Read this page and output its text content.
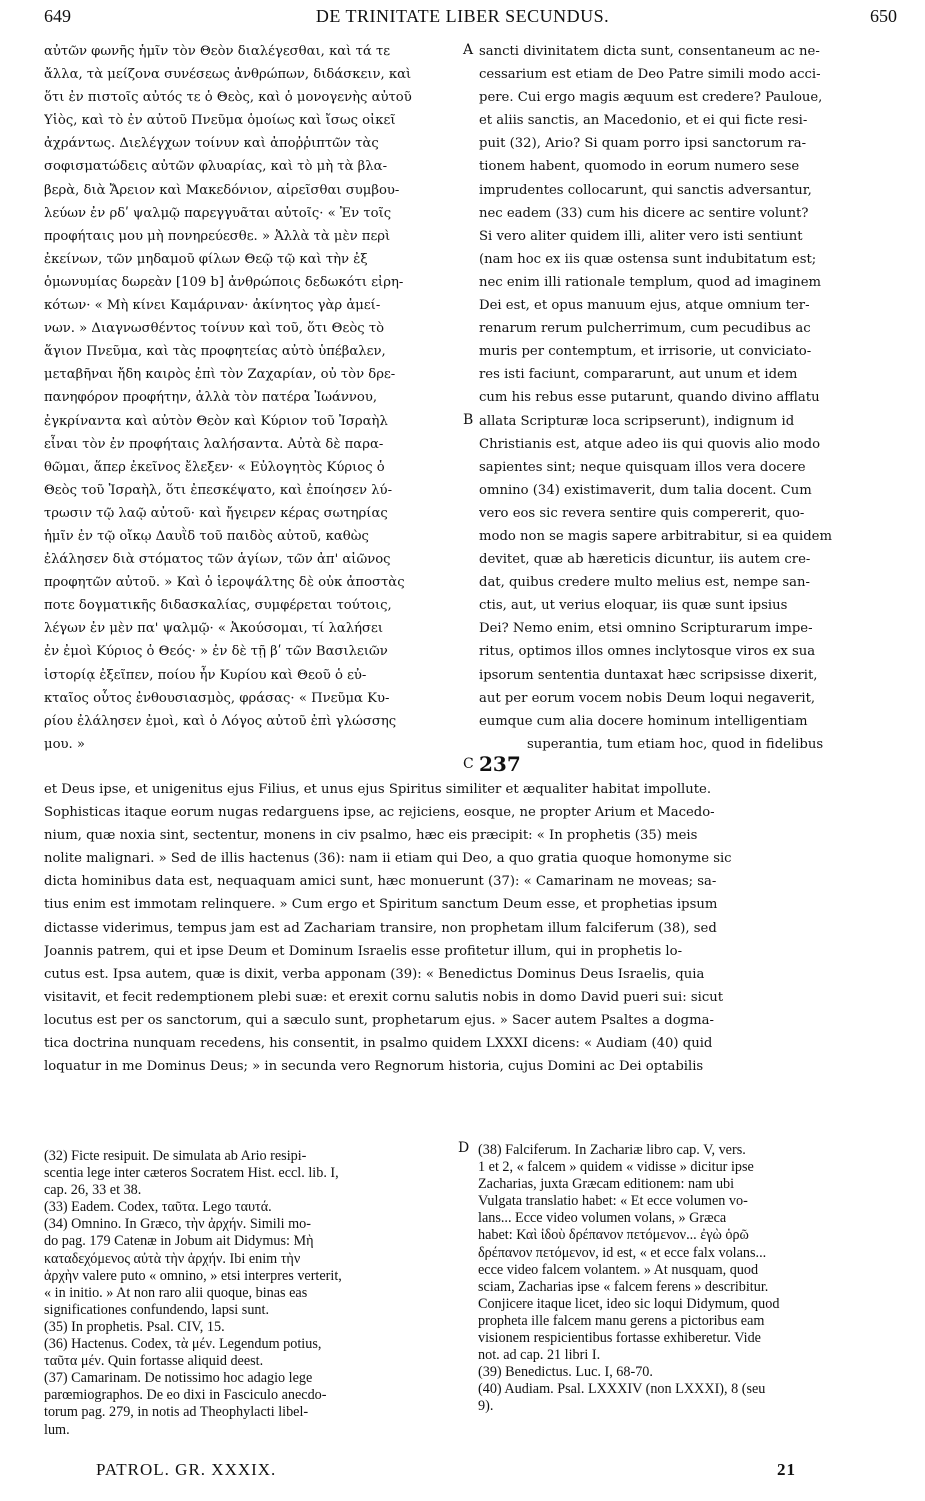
649	DE TRINITATE LIBER SECUNDUS.	650

αὐτῶν φωνῆς ἡμῖν τὸν Θεὸν διαλέγεσθαι, καὶ τά τε

ἄλλα, τὰ μείζονα συνέσεως ἀνθρώπων, διδάσκειν, καὶ

ὅτι ἐν πιστοῖς αὐτός τε ὁ Θεὸς, καὶ ὁ μονογενὴς αὐτοῦ

Υἱὸς, καὶ τὸ ἐν αὐτοῦ Πνεῦμα ὁμοίως καὶ ἴσως οἰκεῖ

ἀχράντως. Διελέγχων τοίνυν καὶ ἀποῤῥιπτῶν τὰς

σοφισματώδεις αὐτῶν φλυαρίας, καὶ τὸ μὴ τὰ βλα-

βερὰ, διὰ Ἄρειον καὶ Μακεδόνιον, αἱρεῖσθαι συμβου-

λεύων ἐν ρδʹ ψαλμῷ παρεγγυᾶται αὐτοῖς· « Ἐν τοῖς

προφήταις μου μὴ πονηρεύεσθε. » Ἀλλὰ τὰ μὲν περὶ

ἐκείνων, τῶν μηδαμοῦ φίλων Θεῷ τῷ καὶ τὴν ἐξ

ὁμωνυμίας δωρεὰν [109 b] ἀνθρώποις δεδωκότι εἰρη-

κότων· « Μὴ κίνει Καμάριναν· ἀκίνητος γὰρ ἀμεί-

νων. » Διαγνωσθέντος τοίνυν καὶ τοῦ, ὅτι Θεὸς τὸ

ἅγιον Πνεῦμα, καὶ τὰς προφητείας αὐτὸ ὑπέβαλεν,

μεταβῆναι ἤδη καιρὸς ἐπὶ τὸν Ζαχαρίαν, οὐ τὸν δρε-

πανηφόρον προφήτην, ἀλλὰ τὸν πατέρα Ἰωάννου,

ἐγκρίναντα καὶ αὐτὸν Θεὸν καὶ Κύριον τοῦ Ἰσραὴλ

εἶναι τὸν ἐν προφήταις λαλήσαντα. Αὐτὰ δὲ παρα-

θῶμαι, ἅπερ ἐκεῖνος ἔλεξεν· « Εὐλογητὸς Κύριος ὁ

Θεὸς τοῦ Ἰσραὴλ, ὅτι ἐπεσκέψατο, καὶ ἐποίησεν λύ-

τρωσιν τῷ λαῷ αὐτοῦ· καὶ ἤγειρεν κέρας σωτηρίας

ἡμῖν ἐν τῷ οἴκῳ Δαυῒδ τοῦ παιδὸς αὐτοῦ, καθὼς

ἐλάλησεν διὰ στόματος τῶν ἁγίων, τῶν ἀπ' αἰῶνος

προφητῶν αὐτοῦ. » Καὶ ὁ ἱεροψάλτης δὲ οὐκ ἀποστὰς

ποτε δογματικῆς διδασκαλίας, συμφέρεται τούτοις,

λέγων ἐν μὲν πα' ψαλμῷ· « Ἀκούσομαι, τί λαλήσει

ἐν ἐμοὶ Κύριος ὁ Θεός· » ἐν δὲ τῇ βʹ τῶν Βασιλειῶν

ἱστορίᾳ ἐξεῖπεν, ποίου ἦν Κυρίου καὶ Θεοῦ ὁ εὐ-

κταῖος οὗτος ἐνθουσιασμὸς, φράσας· « Πνεῦμα Κυ-

ρίου ἐλάλησεν ἐμοὶ, καὶ ὁ Λόγος αὐτοῦ ἐπὶ γλώσσης

μου. »

sancti divinitatem dicta sunt, consentaneum ac ne-

cessarium est etiam de Deo Patre simili modo acci-

pere. Cui ergo magis æquum est credere? Pauloue,

et aliis sanctis, an Macedonio, et ei qui ficte resi-

puit (32), Ario? Si quam porro ipsi sanctorum ra-

tionem habent, quomodo in eorum numero sese

imprudentes collocarunt, qui sanctis adversantur,

nec eadem (33) cum his dicere ac sentire volunt?

Si vero aliter quidem illi, aliter vero isti sentiunt

(nam hoc ex iis quæ ostensa sunt indubitatum est;

nec enim illi rationale templum, quod ad imaginem

Dei est, et opus manuum ejus, atque omnium ter-

renarum rerum pulcherrimum, cum pecudibus ac

muris per contemptum, et irrisorie, ut conviciato-

res isti faciunt, compararunt, aut unum et idem

cum his rebus esse putarunt, quando divino afflatu

allata Scripturæ loca scripserunt), indignum id

Christianis est, atque adeo iis qui quovis alio modo

sapientes sint; neque quisquam illos vera docere

omnino (34) existimaverit, dum talia docent. Cum

vero eos sic revera sentire quis compererit, quo-

modo non se magis sapere arbitrabitur, si ea quidem

devitet, quæ ab hæreticis dicuntur, iis autem cre-

dat, quibus credere multo melius est, nempe san-

ctis, aut, ut verius eloquar, iis quæ sunt ipsius

Dei? Nemo enim, etsi omnino Scripturarum impe-

ritus, optimos illos omnes inclytosque viros ex sua

ipsorum sententia duntaxat hæc scripsisse dixerit,

aut per eorum vocem nobis Deum loqui negaverit,

eumque cum alia docere hominum intelligentiam

superantia, tum etiam hoc, quod in fidelibus

A
B
C
D
237

et Deus ipse, et unigenitus ejus Filius, et unus ejus Spiritus similiter et æqualiter habitat impollute.

Sophisticas itaque eorum nugas redarguens ipse, ac rejiciens, eosque, ne propter Arium et Macedo-

nium, quæ noxia sint, sectentur, monens in civ psalmo, hæc eis præcipit: « In prophetis (35) meis

nolite malignari. » Sed de illis hactenus (36): nam ii etiam qui Deo, a quo gratia quoque homonyme sic

dicta hominibus data est, nequaquam amici sunt, hæc monuerunt (37): « Camarinam ne moveas; sa-

tius enim est immotam relinquere. » Cum ergo et Spiritum sanctum Deum esse, et prophetias ipsum

dictasse viderimus, tempus jam est ad Zachariam transire, non prophetam illum falciferum (38), sed

Joannis patrem, qui et ipse Deum et Dominum Israelis esse profitetur illum, qui in prophetis lo-

cutus est. Ipsa autem, quæ is dixit, verba apponam (39): « Benedictus Dominus Deus Israelis, quia

visitavit, et fecit redemptionem plebi suæ: et erexit cornu salutis nobis in domo David pueri sui: sicut

locutus est per os sanctorum, qui a sæculo sunt, prophetarum ejus. » Sacer autem Psaltes a dogma-

tica doctrina nunquam recedens, his consentit, in psalmo quidem LXXXI dicens: « Audiam (40) quid

loquatur in me Dominus Deus; » in secunda vero Regnorum historia, cujus Domini ac Dei optabilis

(32) Ficte resipuit. De simulata ab Ario resipi-

scentia lege inter cæteros Socratem Hist. eccl. lib. I,

cap. 26, 33 et 38.

(33) Eadem. Codex, ταῦτα. Lego ταυτά.

(34) Omnino. In Græco, τὴν ἀρχήν. Simili mo-

do pag. 179 Catenæ in Jobum ait Didymus: Μὴ

καταδεχόμενος αὐτὰ τὴν ἀρχήν. Ibi enim τὴν

ἀρχὴν valere puto « omnino, » etsi interpres verterit,

« in initio. » At non raro alii quoque, binas eas

significationes confundendo, lapsi sunt.

(35) In prophetis. Psal. CIV, 15.

(36) Hactenus. Codex, τὰ μέν. Legendum potius,

ταῦτα μέν. Quin fortasse aliquid deest.

(37) Camarinam. De notissimo hoc adagio lege

parœmiographos. De eo dixi in Fasciculo anecdo-

torum pag. 279, in notis ad Theophylacti libel-

lum.

(38) Falciferum. In Zachariæ libro cap. V, vers.

1 et 2, « falcem » quidem « vidisse » dicitur ipse

Zacharias, juxta Græcam editionem: nam ubi

Vulgata translatio habet: « Et ecce volumen vo-

lans... Ecce video volumen volans, » Græca

habet: Καὶ ἰδοὺ δρέπανον πετόμενον... ἐγὼ ὁρῶ

δρέπανον πετόμενον, id est, « et ecce falx volans...

ecce video falcem volantem. » At nusquam, quod

sciam, Zacharias ipse « falcem ferens » describitur.

Conjicere itaque licet, ideo sic loqui Didymum, quod

propheta ille falcem manu gerens a pictoribus eam

visionem respicientibus fortasse exhiberetur. Vide

not. ad cap. 21 libri I.

(39) Benedictus. Luc. I, 68-70.

(40) Audiam. Psal. LXXXIV (non LXXXI), 8 (seu

9).

PATROL. GR. XXXIX.	21
